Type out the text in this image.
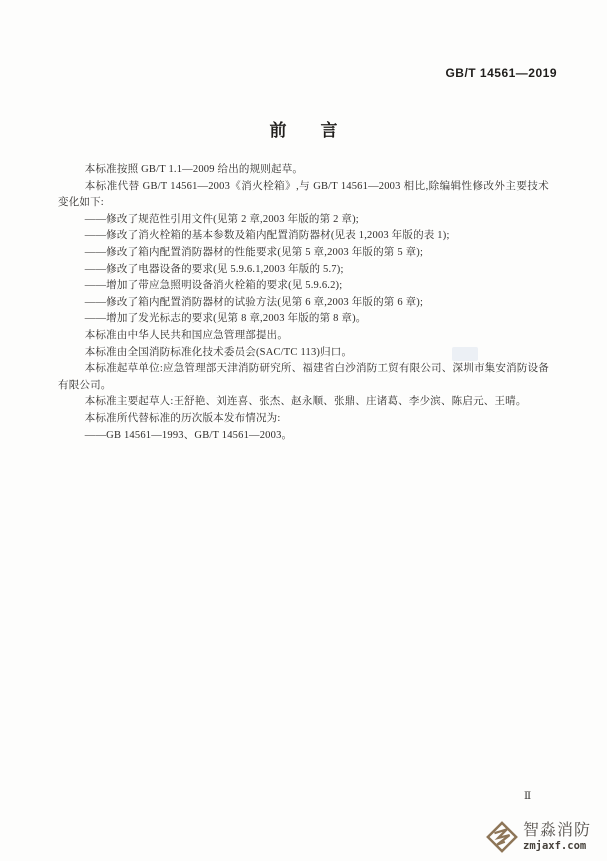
GB/T 14561—2019
前　　言

本标准按照 GB/T 1.1—2009 给出的规则起草。

本标准代替 GB/T 14561—2003《消火栓箱》,与 GB/T 14561—2003 相比,除编辑性修改外主要技术变化如下:

——修改了规范性引用文件(见第 2 章,2003 年版的第 2 章);

——修改了消火栓箱的基本参数及箱内配置消防器材(见表 1,2003 年版的表 1);

——修改了箱内配置消防器材的性能要求(见第 5 章,2003 年版的第 5 章);

——修改了电器设备的要求(见 5.9.6.1,2003 年版的 5.7);

——增加了带应急照明设备消火栓箱的要求(见 5.9.6.2);

——修改了箱内配置消防器材的试验方法(见第 6 章,2003 年版的第 6 章);

——增加了发光标志的要求(见第 8 章,2003 年版的第 8 章)。

本标准由中华人民共和国应急管理部提出。

本标准由全国消防标准化技术委员会(SAC/TC 113)归口。

本标准起草单位:应急管理部天津消防研究所、福建省白沙消防工贸有限公司、深圳市集安消防设备有限公司。

本标准主要起草人:王舒艳、刘连喜、张杰、赵永顺、张鼎、庄诸葛、李少滨、陈启元、王晴。

本标准所代替标准的历次版本发布情况为:

——GB 14561—1993、GB/T 14561—2003。

Ⅱ
智淼消防
zmjaxf.com
